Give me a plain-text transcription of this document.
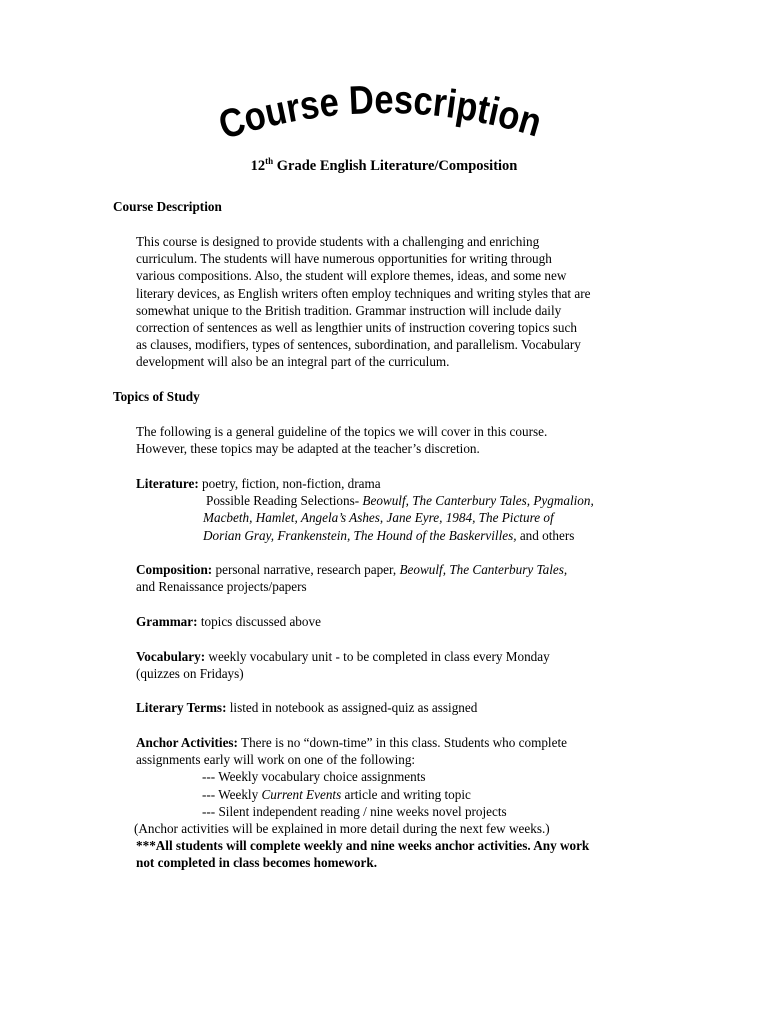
Course Description
12th Grade English Literature/Composition
Course Description
This course is designed to provide students with a challenging and enriching
curriculum. The students will have numerous opportunities for writing through
various compositions. Also, the student will explore themes, ideas, and some new
literary devices, as English writers often employ techniques and writing styles that are
somewhat unique to the British tradition. Grammar instruction will include daily
correction of sentences as well as lengthier units of instruction covering topics such
as clauses, modifiers, types of sentences, subordination, and parallelism. Vocabulary
development will also be an integral part of the curriculum.
Topics of Study
The following is a general guideline of the topics we will cover in this course.
However, these topics may be adapted at the teacher’s discretion.
Literature: poetry, fiction, non-fiction, drama
Possible Reading Selections- Beowulf, The Canterbury Tales, Pygmalion,
Macbeth, Hamlet, Angela’s Ashes, Jane Eyre, 1984, The Picture of
Dorian Gray, Frankenstein, The Hound of the Baskervilles, and others
Composition: personal narrative, research paper, Beowulf, The Canterbury Tales,
and Renaissance projects/papers
Grammar: topics discussed above
Vocabulary: weekly vocabulary unit - to be completed in class every Monday
(quizzes on Fridays)
Literary Terms: listed in notebook as assigned-quiz as assigned
Anchor Activities: There is no “down-time” in this class. Students who complete
assignments early will work on one of the following:
--- Weekly vocabulary choice assignments
--- Weekly Current Events article and writing topic
--- Silent independent reading / nine weeks novel projects
(Anchor activities will be explained in more detail during the next few weeks.)
***All students will complete weekly and nine weeks anchor activities. Any work
not completed in class becomes homework.
